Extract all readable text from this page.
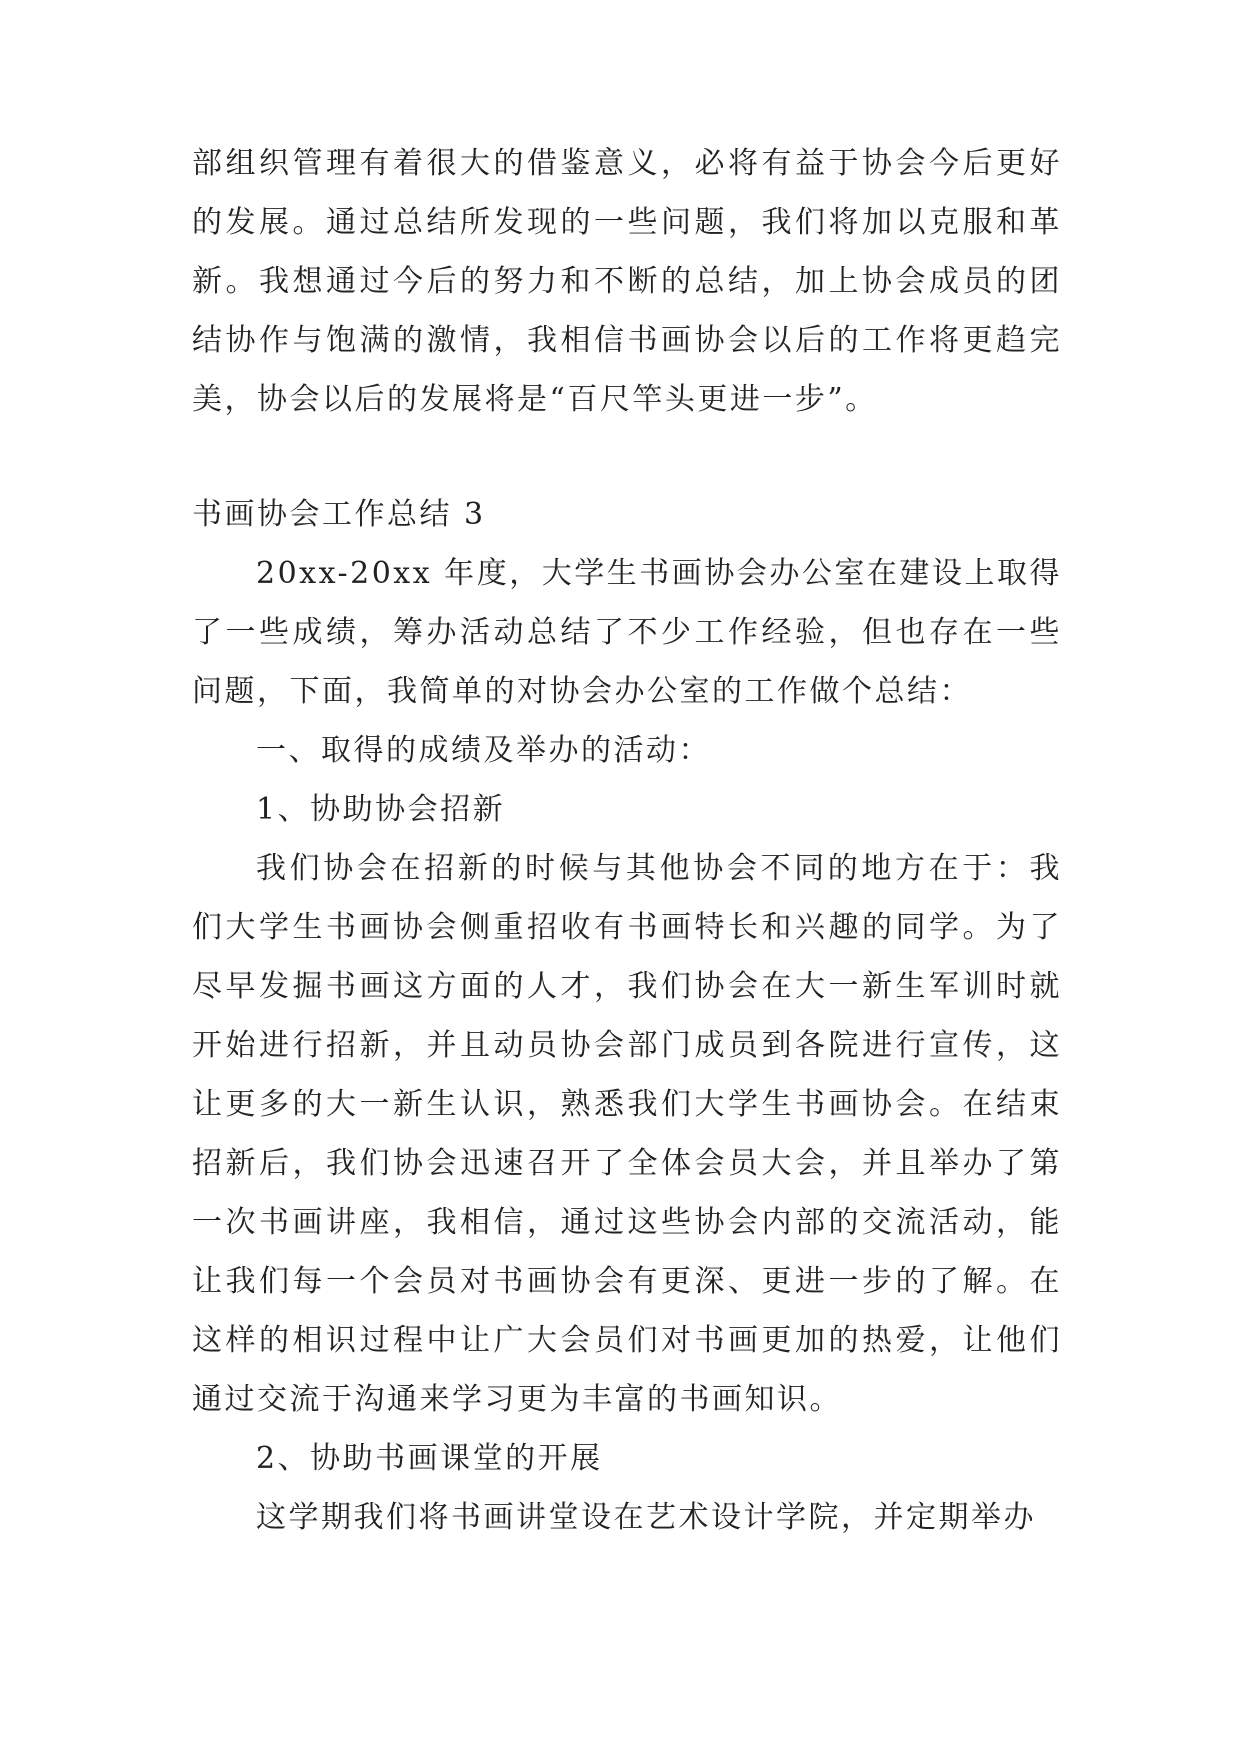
部组织管理有着很大的借鉴意义，必将有益于协会今后更好的发展。通过总结所发现的一些问题，我们将加以克服和革新。我想通过今后的努力和不断的总结，加上协会成员的团结协作与饱满的激情，我相信书画协会以后的工作将更趋完美，协会以后的发展将是“百尺竿头更进一步”。

书画协会工作总结 3

20xx-20xx 年度，大学生书画协会办公室在建设上取得了一些成绩，筹办活动总结了不少工作经验，但也存在一些问题，下面，我简单的对协会办公室的工作做个总结：

一、取得的成绩及举办的活动：

1、协助协会招新

我们协会在招新的时候与其他协会不同的地方在于：我们大学生书画协会侧重招收有书画特长和兴趣的同学。为了尽早发掘书画这方面的人才，我们协会在大一新生军训时就开始进行招新，并且动员协会部门成员到各院进行宣传，这让更多的大一新生认识，熟悉我们大学生书画协会。在结束招新后，我们协会迅速召开了全体会员大会，并且举办了第一次书画讲座，我相信，通过这些协会内部的交流活动，能让我们每一个会员对书画协会有更深、更进一步的了解。在这样的相识过程中让广大会员们对书画更加的热爱，让他们通过交流于沟通来学习更为丰富的书画知识。

2、协助书画课堂的开展

这学期我们将书画讲堂设在艺术设计学院，并定期举办
